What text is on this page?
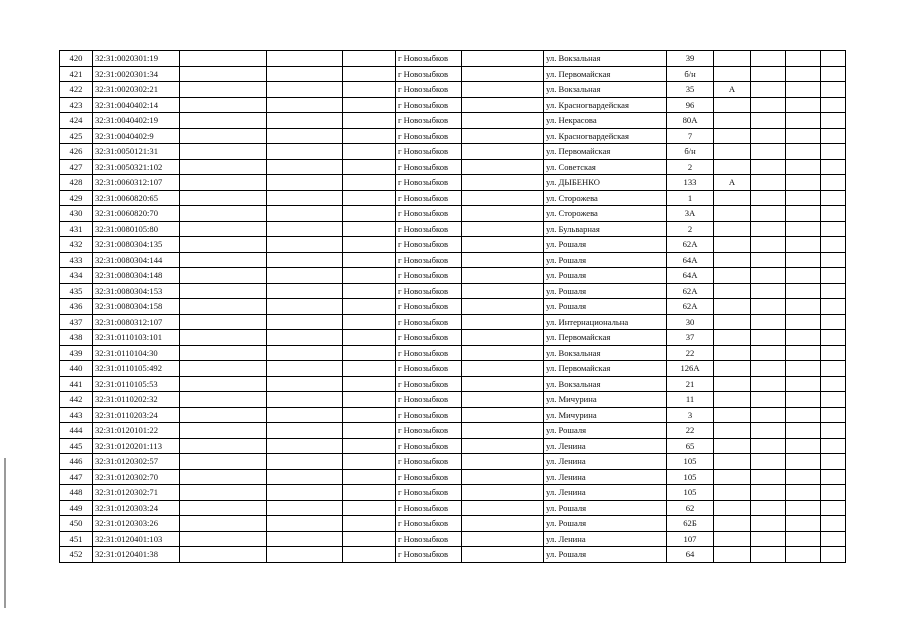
420	32:31:0020301:19				г Новозыбков		ул. Вокзальная	39				
421	32:31:0020301:34				г Новозыбков		ул. Первомайская	б/н				
422	32:31:0020302:21				г Новозыбков		ул. Вокзальная	35	А			
423	32:31:0040402:14				г Новозыбков		ул. Красногвардейская	96				
424	32:31:0040402:19				г Новозыбков		ул. Некрасова	80А				
425	32:31:0040402:9				г Новозыбков		ул. Красногвардейская	7				
426	32:31:0050121:31				г Новозыбков		ул. Первомайская	б/н				
427	32:31:0050321:102				г Новозыбков		ул. Советская	2				
428	32:31:0060312:107				г Новозыбков		ул. ДЫБЕНКО	133	А			
429	32:31:0060820:65				г Новозыбков		ул. Сторожева	1				
430	32:31:0060820:70				г Новозыбков		ул. Сторожева	3А				
431	32:31:0080105:80				г Новозыбков		ул. Бульварная	2				
432	32:31:0080304:135				г Новозыбков		ул. Рошаля	62А				
433	32:31:0080304:144				г Новозыбков		ул. Рошаля	64А				
434	32:31:0080304:148				г Новозыбков		ул. Рошаля	64А				
435	32:31:0080304:153				г Новозыбков		ул. Рошаля	62А				
436	32:31:0080304:158				г Новозыбков		ул. Рошаля	62А				
437	32:31:0080312:107				г Новозыбков		ул. Интернациональна	30				
438	32:31:0110103:101				г Новозыбков		ул. Первомайская	37				
439	32:31:0110104:30				г Новозыбков		ул. Вокзальная	22				
440	32:31:0110105:492				г Новозыбков		ул. Первомайская	126А				
441	32:31:0110105:53				г Новозыбков		ул. Вокзальная	21				
442	32:31:0110202:32				г Новозыбков		ул. Мичурина	11				
443	32:31:0110203:24				г Новозыбков		ул. Мичурина	3				
444	32:31:0120101:22				г Новозыбков		ул. Рошаля	22				
445	32:31:0120201:113				г Новозыбков		ул. Ленина	65				
446	32:31:0120302:57				г Новозыбков		ул. Ленина	105				
447	32:31:0120302:70				г Новозыбков		ул. Ленина	105				
448	32:31:0120302:71				г Новозыбков		ул. Ленина	105				
449	32:31:0120303:24				г Новозыбков		ул. Рошаля	62				
450	32:31:0120303:26				г Новозыбков		ул. Рошаля	62Б				
451	32:31:0120401:103				г Новозыбков		ул. Ленина	107				
452	32:31:0120401:38				г Новозыбков		ул. Рошаля	64				
